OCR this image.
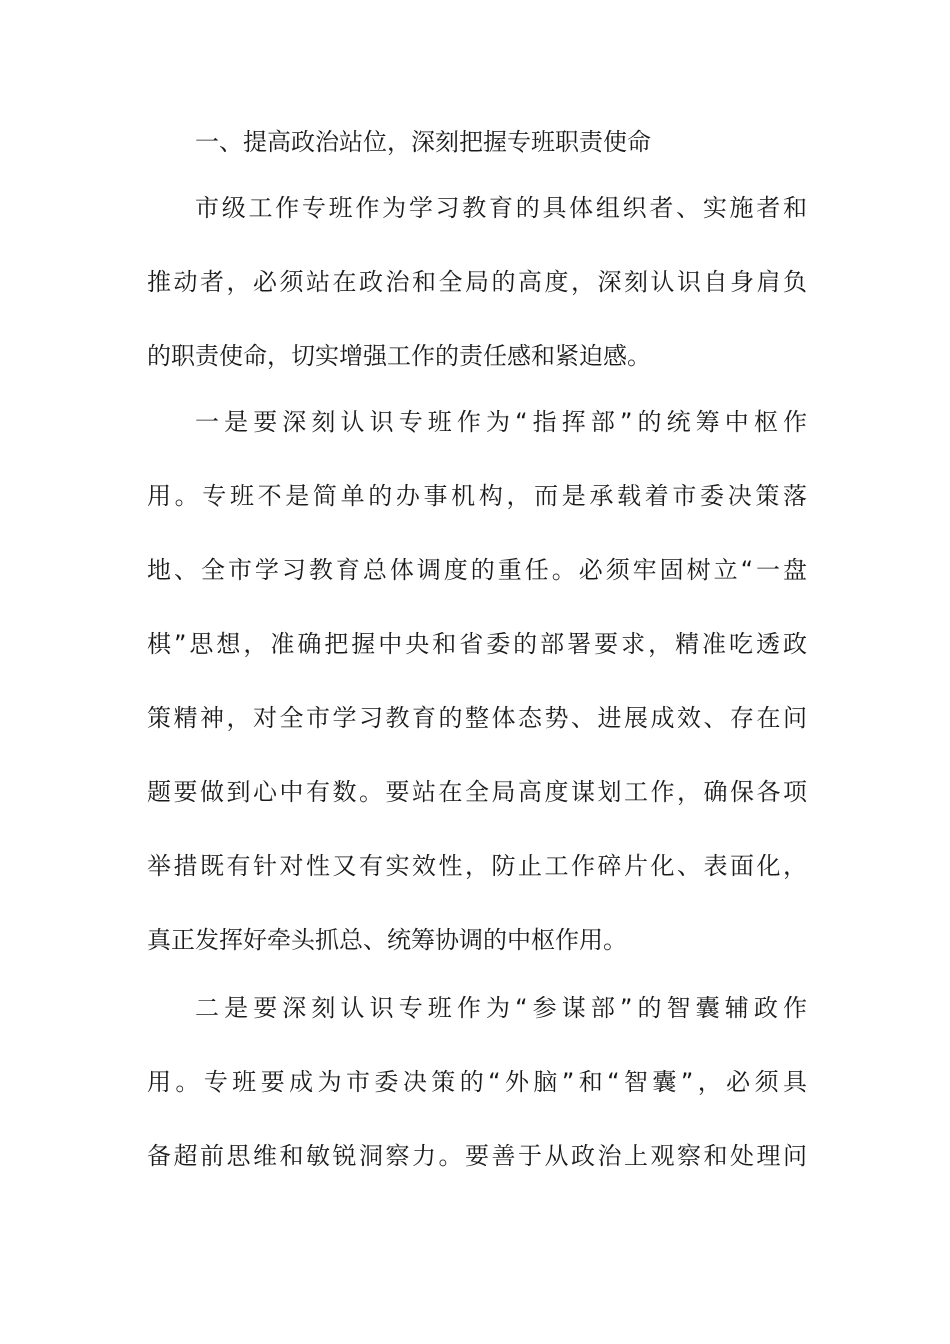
一、提高政治站位，深刻把握专班职责使命

市级工作专班作为学习教育的具体组织者、实施者和

推动者，必须站在政治和全局的高度，深刻认识自身肩负

的职责使命，切实增强工作的责任感和紧迫感。

一是要深刻认识专班作为“指挥部”的统筹中枢作

用。专班不是简单的办事机构，而是承载着市委决策落

地、全市学习教育总体调度的重任。必须牢固树立“一盘

棋”思想，准确把握中央和省委的部署要求，精准吃透政

策精神，对全市学习教育的整体态势、进展成效、存在问

题要做到心中有数。要站在全局高度谋划工作，确保各项

举措既有针对性又有实效性，防止工作碎片化、表面化，

真正发挥好牵头抓总、统筹协调的中枢作用。

二是要深刻认识专班作为“参谋部”的智囊辅政作

用。专班要成为市委决策的“外脑”和“智囊”，必须具

备超前思维和敏锐洞察力。要善于从政治上观察和处理问
